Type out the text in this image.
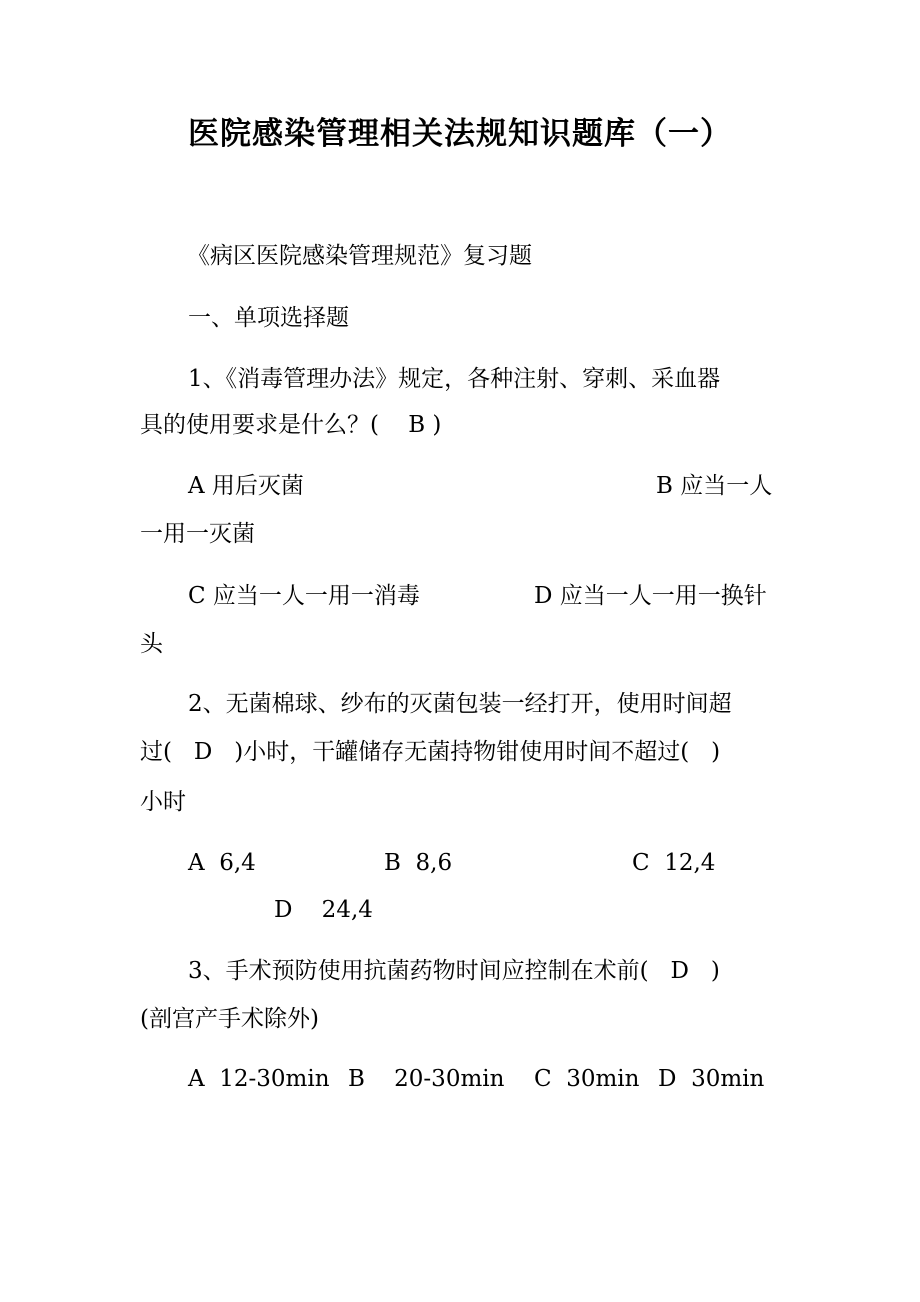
医院感染管理相关法规知识题库（一）
《病区医院感染管理规范》复习题
一、单项选择题
1、《消毒管理办法》规定，各种注射、穿刺、采血器
具的使用要求是什么？(    B )
A 用后灭菌	B 应当一人
一用一灭菌
C 应当一人一用一消毒	D 应当一人一用一换针
头
2、无菌棉球、纱布的灭菌包装一经打开，使用时间超
过(   D   )小时，干罐储存无菌持物钳使用时间不超过(   )
小时
A  6,4	B  8,6	C  12,4
D    24,4
3、手术预防使用抗菌药物时间应控制在术前(   D   )
(剖宫产手术除外)
A  12-30min B    20-30min C  30min D  30min
